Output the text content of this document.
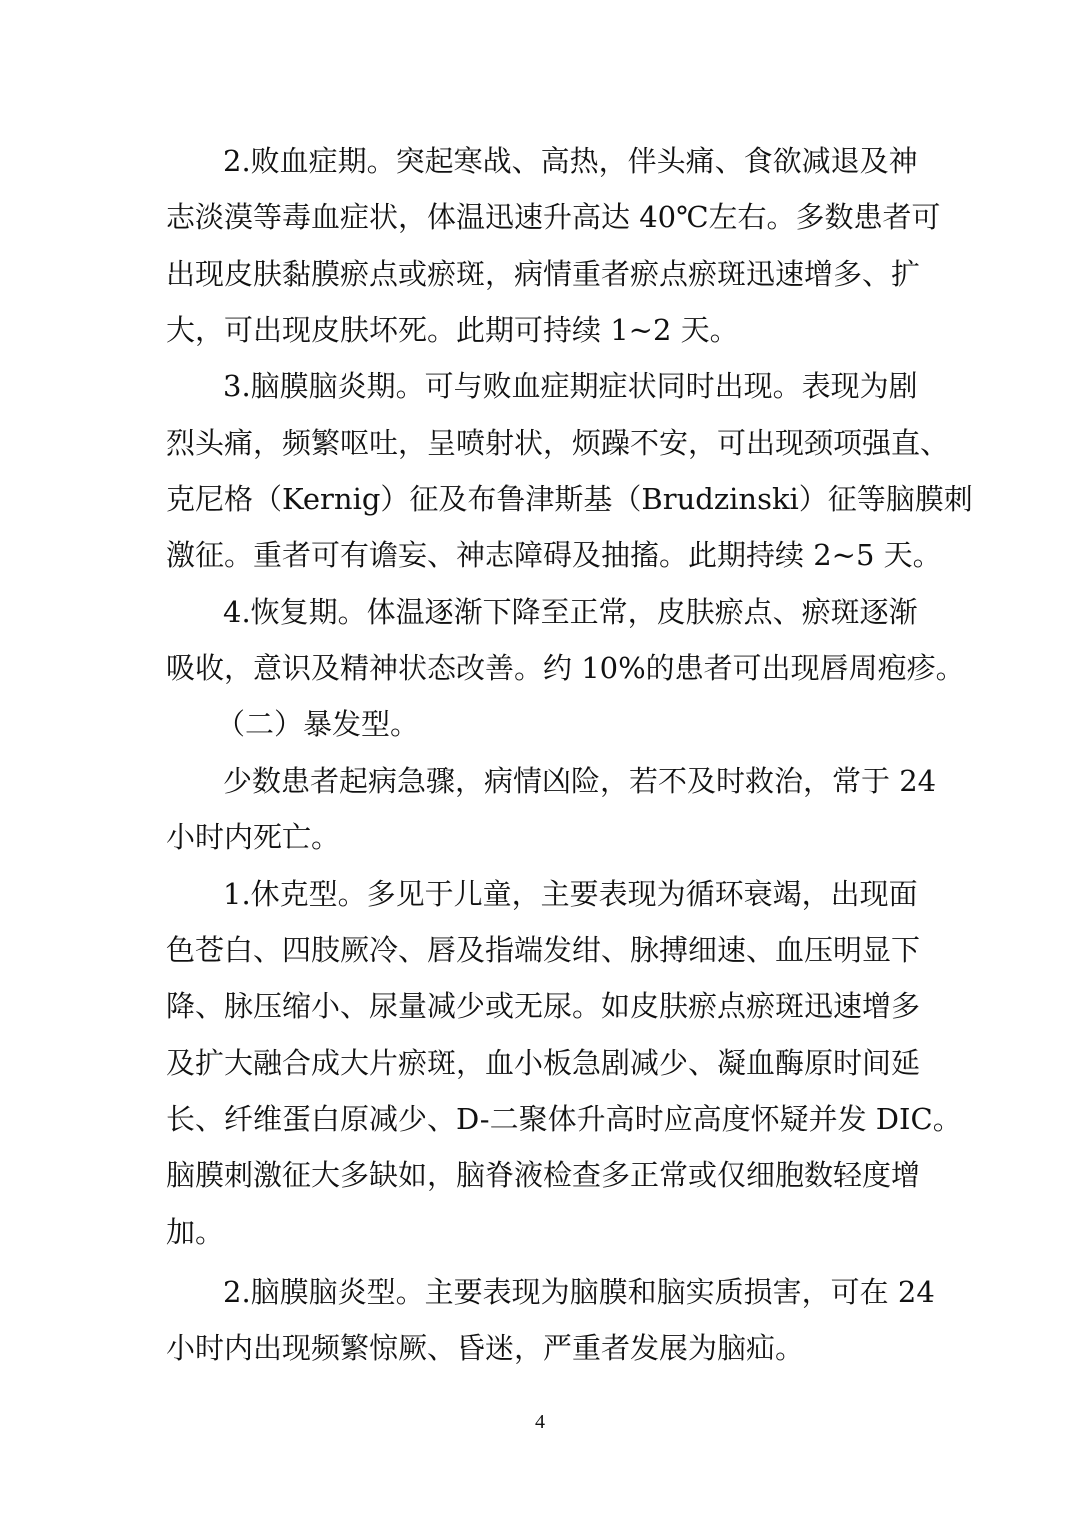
2.败血症期。突起寒战、高热，伴头痛、食欲减退及神
志淡漠等毒血症状，体温迅速升高达 40℃左右。多数患者可
出现皮肤黏膜瘀点或瘀斑，病情重者瘀点瘀斑迅速增多、扩
大，可出现皮肤坏死。此期可持续 1~2 天。
3.脑膜脑炎期。可与败血症期症状同时出现。表现为剧
烈头痛，频繁呕吐，呈喷射状，烦躁不安，可出现颈项强直、
克尼格（Kernig）征及布鲁津斯基（Brudzinski）征等脑膜刺
激征。重者可有谵妄、神志障碍及抽搐。此期持续 2~5 天。
4.恢复期。体温逐渐下降至正常，皮肤瘀点、瘀斑逐渐
吸收，意识及精神状态改善。约 10%的患者可出现唇周疱疹。
（二）暴发型。
少数患者起病急骤，病情凶险，若不及时救治，常于 24
小时内死亡。
1.休克型。多见于儿童，主要表现为循环衰竭，出现面
色苍白、四肢厥冷、唇及指端发绀、脉搏细速、血压明显下
降、脉压缩小、尿量减少或无尿。如皮肤瘀点瘀斑迅速增多
及扩大融合成大片瘀斑，血小板急剧减少、凝血酶原时间延
长、纤维蛋白原减少、D-二聚体升高时应高度怀疑并发 DIC。
脑膜刺激征大多缺如，脑脊液检查多正常或仅细胞数轻度增
加。
2.脑膜脑炎型。主要表现为脑膜和脑实质损害，可在 24
小时内出现频繁惊厥、昏迷，严重者发展为脑疝。
4
